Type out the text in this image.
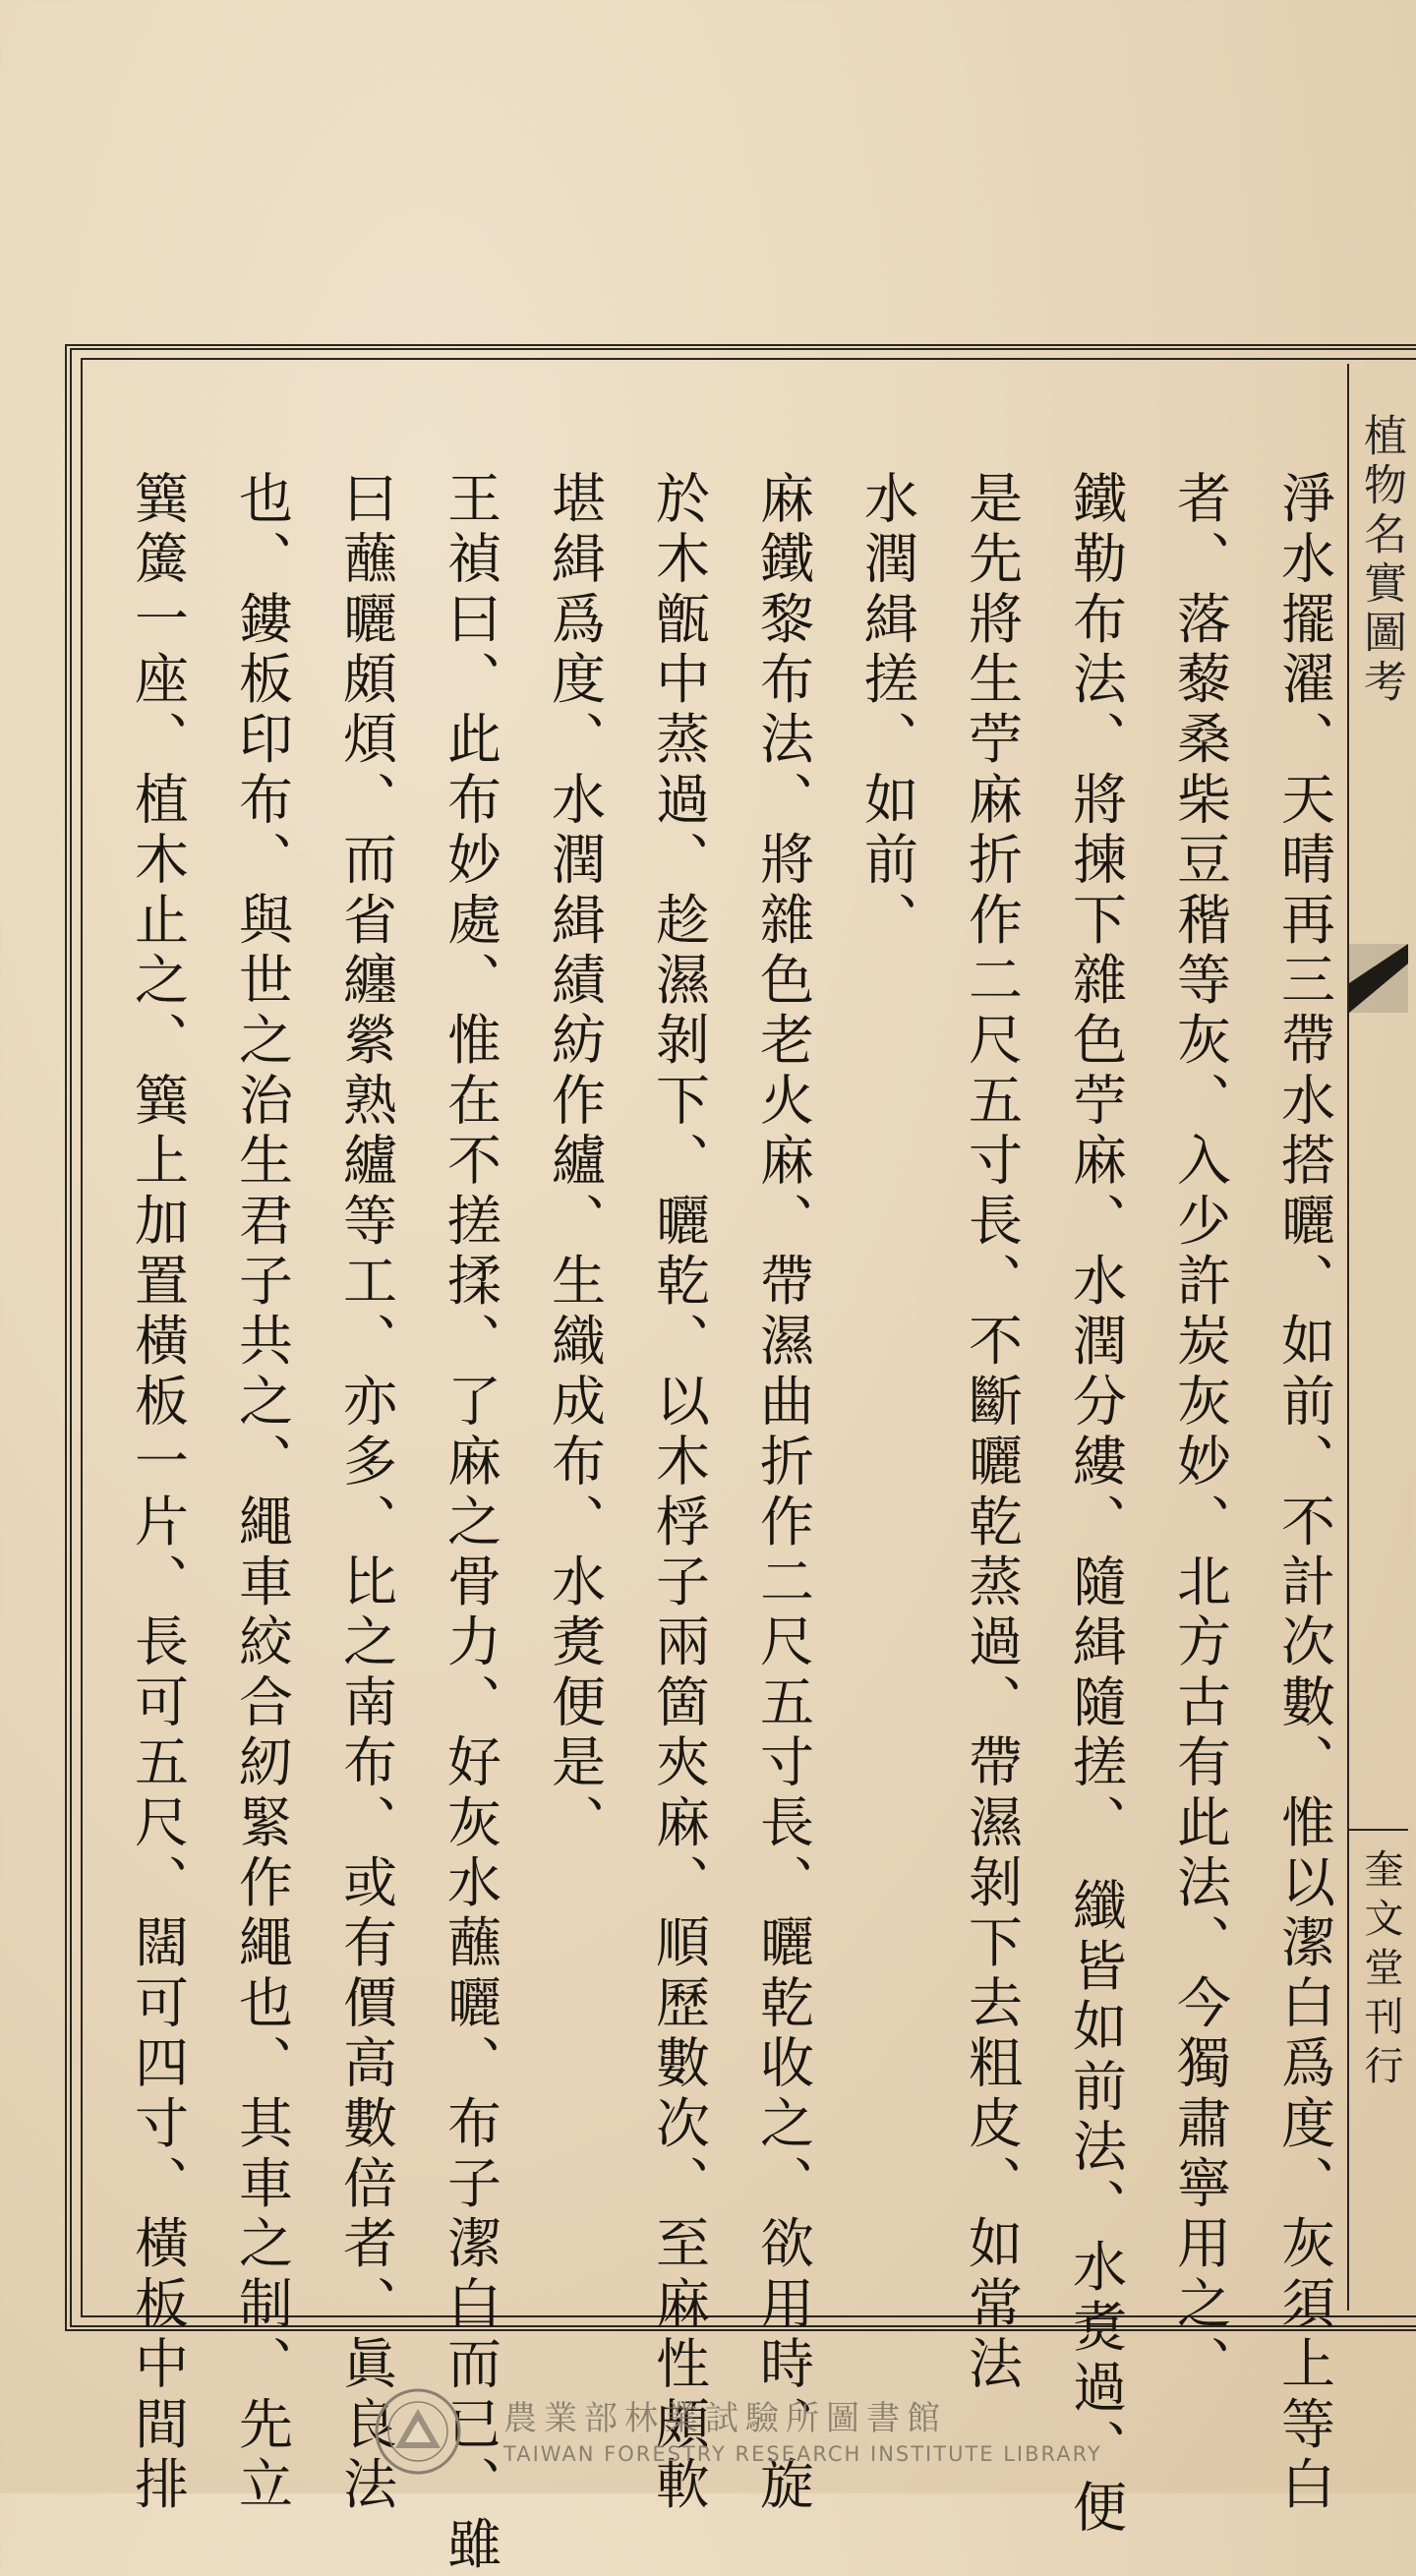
植物名實圖考
奎文堂刊行
淨水擺濯、天晴再三帶水搭曬、如前、不計次數、惟以潔白爲度、灰須上等白
者、落藜桑柴豆稭等灰、入少許炭灰妙、北方古有此法、今獨肅寧用之、
鐵勒布法、將揀下雜色苧麻、水潤分縷、隨緝隨搓、 纖皆如前法、水煑過、便
是先將生苧麻折作二尺五寸長、不斷曬乾蒸過、帶濕剝下去粗皮、如常法
水潤緝搓、如前、
麻鐵黎布法、將雜色老火麻、帶濕曲折作二尺五寸長、曬乾收之、欲用時、旋
於木甑中蒸過、趁濕剝下、曬乾、以木桴子兩箇夾麻、順歷數次、至麻性頗軟
堪緝爲度、水潤緝績紡作纑、生織成布、水煑便是、
王禎曰、此布妙處、惟在不搓揉、了麻之骨力、好灰水蘸曬、布子潔白而已、雖
曰蘸曬頗煩、而省纏縈熟纑等工、亦多、比之南布、或有價高數倍者、眞良法
也、鏤板印布、與世之治生君子共之、繩車絞合紉緊作繩也、其車之制、先立
簨簴一座、植木止之、簨上加置橫板一片、長可五尺、闊可四寸、橫板中間排	農業部林業試驗所圖書館
TAIWAN FORESTRY RESEARCH INSTITUTE LIBRARY
